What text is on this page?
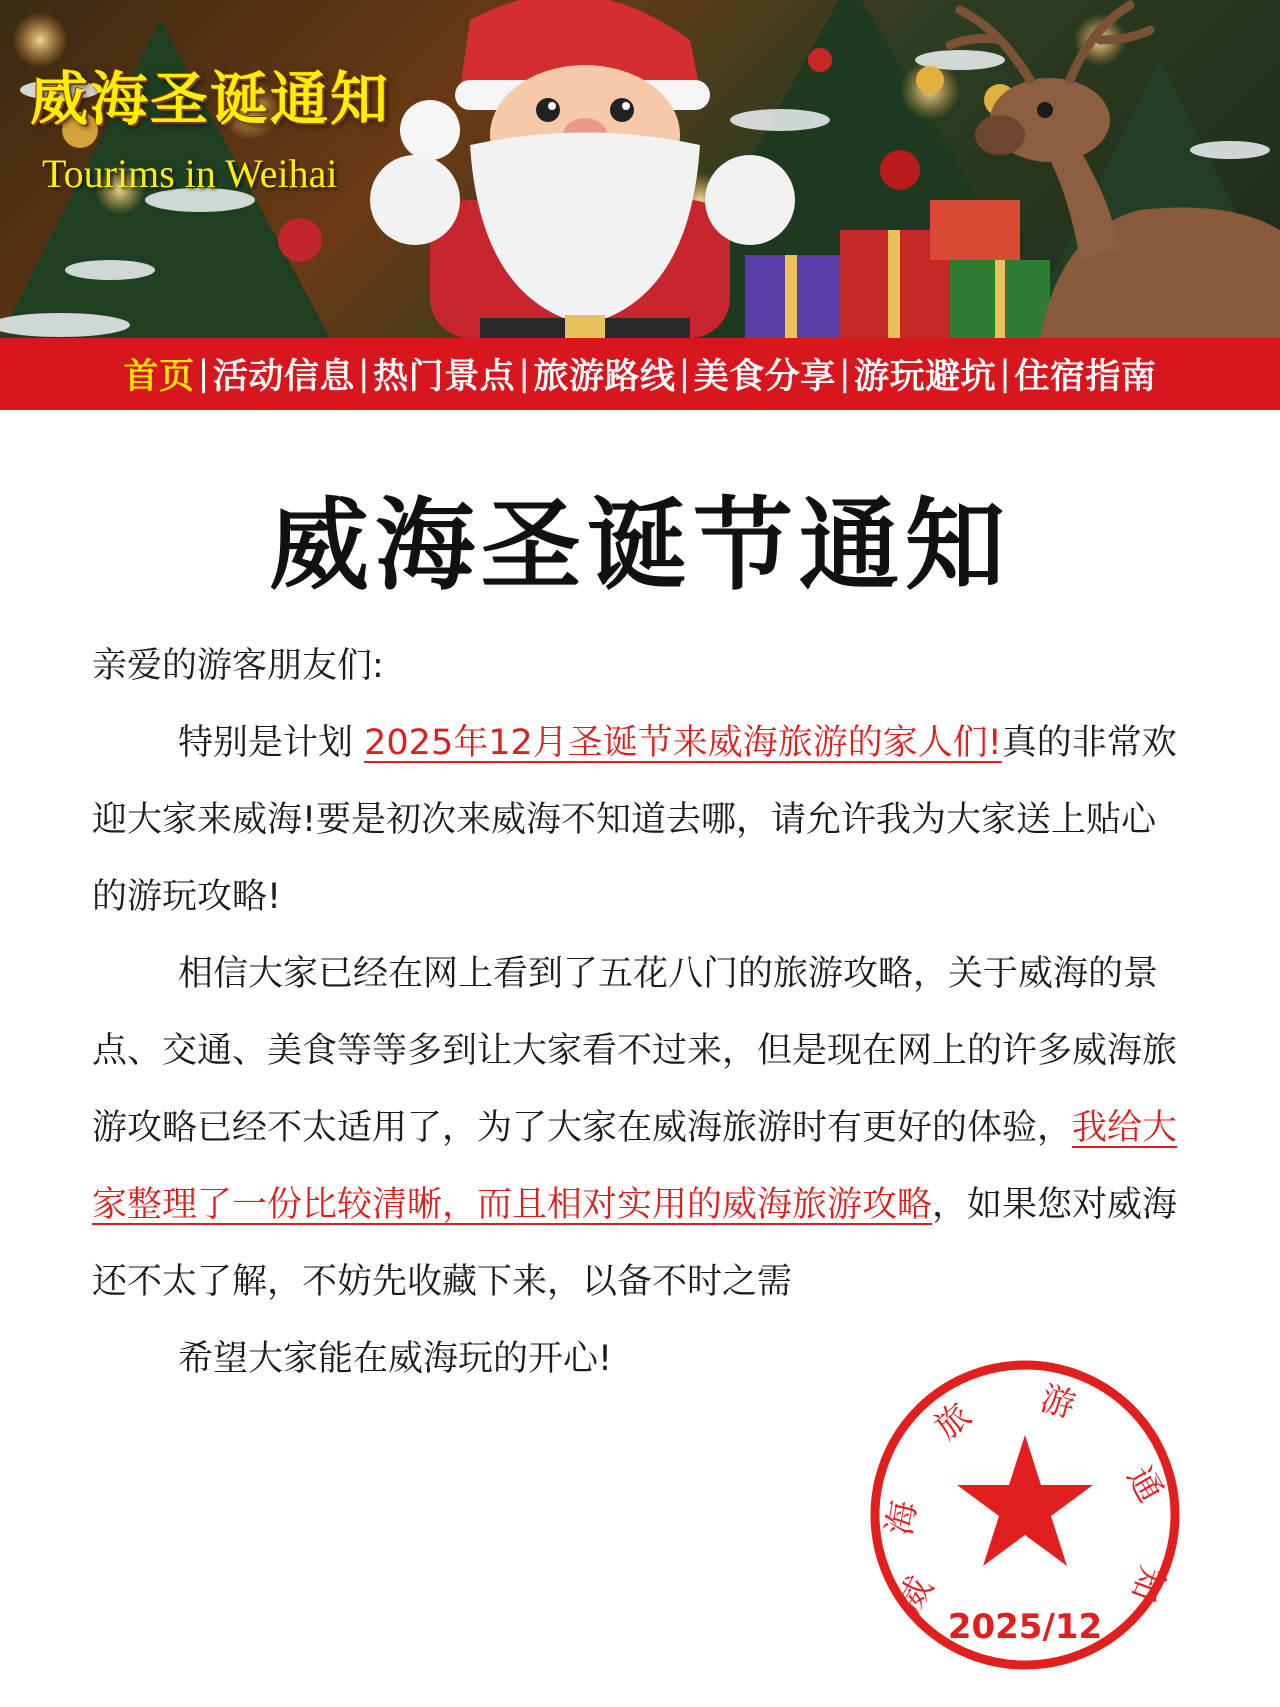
威海圣诞通知
Tourims in Weihai
首页 | 活动信息 | 热门景点 | 旅游路线 | 美食分享 | 游玩避坑 | 住宿指南
威海圣诞节通知

亲爱的游客朋友们:

特别是计划 2025年12月圣诞节来威海旅游的家人们!真的非常欢迎大家来威海!要是初次来威海不知道去哪，请允许我为大家送上贴心的游玩攻略!

相信大家已经在网上看到了五花八门的旅游攻略，关于威海的景点、交通、美食等等多到让大家看不过来，但是现在网上的许多威海旅游攻略已经不太适用了，为了大家在威海旅游时有更好的体验，我给大家整理了一份比较清晰，而且相对实用的威海旅游攻略，如果您对威海还不太了解，不妨先收藏下来，以备不时之需

希望大家能在威海玩的开心!

威
海
旅 游
通
知
2025/12
